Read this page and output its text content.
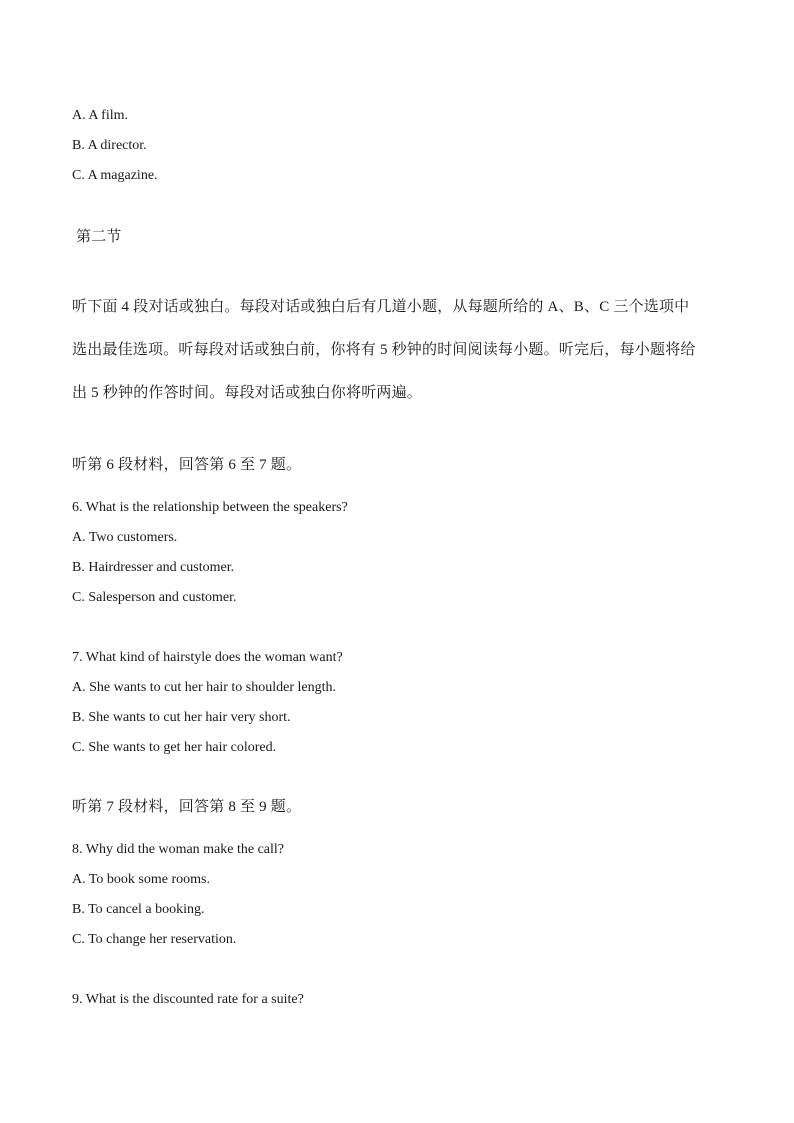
A. A film.
B. A director.
C. A magazine.
第二节
听下面 4 段对话或独白。每段对话或独白后有几道小题，从每题所给的 A、B、C 三个选项中
选出最佳选项。听每段对话或独白前，你将有 5 秒钟的时间阅读每小题。听完后，每小题将给
出 5 秒钟的作答时间。每段对话或独白你将听两遍。
听第 6 段材料，回答第 6 至 7 题。
6. What is the relationship between the speakers?
A. Two customers.
B. Hairdresser and customer.
C. Salesperson and customer.
7. What kind of hairstyle does the woman want?
A. She wants to cut her hair to shoulder length.
B. She wants to cut her hair very short.
C. She wants to get her hair colored.
听第 7 段材料，回答第 8 至 9 题。
8. Why did the woman make the call?
A. To book some rooms.
B. To cancel a booking.
C. To change her reservation.
9. What is the discounted rate for a suite?
